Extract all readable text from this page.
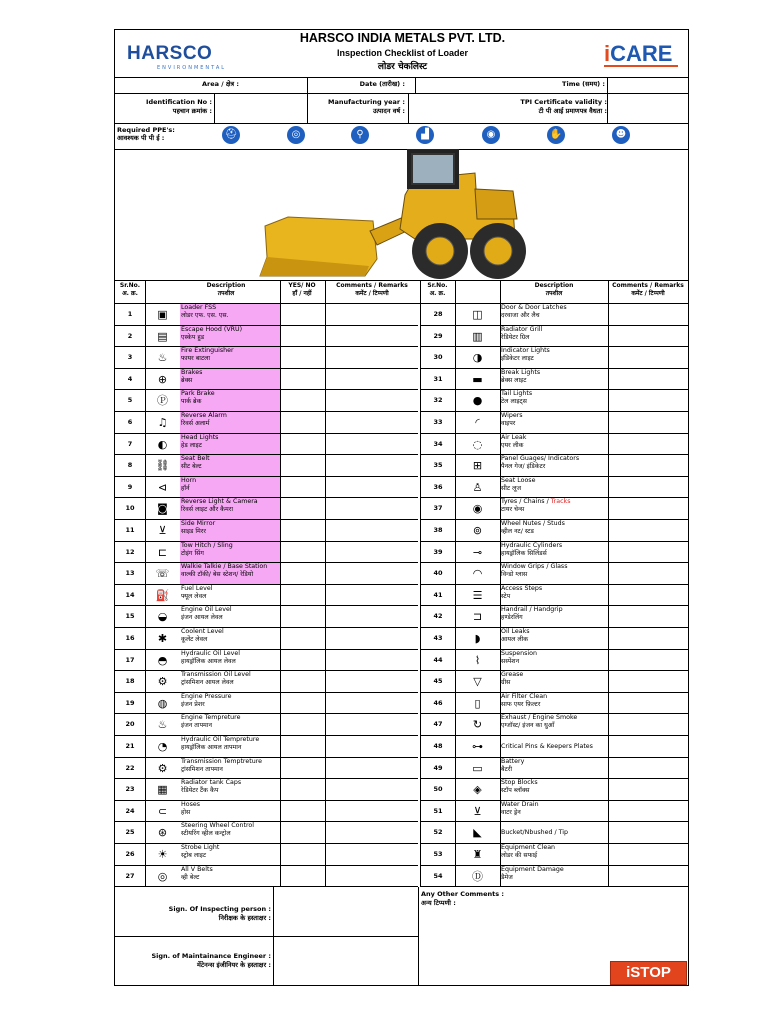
HARSCO
ENVIRONMENTAL
HARSCO INDIA METALS PVT. LTD.
Inspection Checklist of Loader
लोडर चेकलिस्ट
iCARE
Area / क्षेत्र :	Date (तारीख) :	Time (समय) :
Identification No :
पहचान क्रमांक :
Manufacturing year :
उत्पादन वर्ष :
TPI Certificate validity :
टी पी आई प्रमाणपत्र वैधता :
Required PPE's:
आवश्यक पी पी ई :	⛑	◎	⚲	▟	◉	✋	☻
Sr.No.
अ. क्र.
Description
तपशील
YES/ NO
हाँ / नहीं
Comments / Remarks
कमेंट / टिप्पणी
Sr.No.
अ. क्र.
Description
तपशील
Comments / Remarks
कमेंट / टिप्पणी
1	▣
Loader FSS
लोडर एफ. एस. एस.
2	▤
Escape Hood (VRU)
एस्केप हुड
3	♨
Fire Extinguisher
फायर बाटला
4	⊕
Brakes
ब्रेक्स
5	Ⓟ
Park Brake
पार्क ब्रेक
6	♫
Reverse Alarm
रिवर्स अलार्म
7	◐
Head Lights
हेड लाइट
8	⛓
Seat Belt
सीट बेल्ट
9	⊲
Horn
हॉर्न
10	◙
Reverse Light & Camera
रिवर्स लाइट और कैमरा
11	⊻
Side Mirror
साइड मिरर
12	⊏
Tow Hitch / Sling
टोइंग सिंग
13	☏
Walkie Talkie / Base Station
वाल्की टॉकी/ बेस स्टेशन/ रेडियो
14	⛽
Fuel Level
फ्यूल लेवल
15	◒
Engine Oil Level
इंजन आयल लेवल
16	✱
Coolent Level
कूलेंट लेवल
17	◓
Hydraulic Oil Level
हायड्रॉलिक आयल लेवल
18	⚙
Transmission Oil Level
ट्रांसमिशन आयल लेवल
19	◍
Engine Pressure
इंजन प्रेशर
20	♨
Engine Tempreture
इंजन तापमान
21	◔
Hydraulic Oil Tempreture
हायड्रॉलिक आयल तापमान
22	⚙
Transmission Temptreture
ट्रांसमिशन तापमान
23	▦
Radiator tank Caps
रेडियेटर टैंक कैप
24	⊂
Hoses
होस
25	⊛
Steering Wheel Control
स्टीयरिंग व्हील कन्ट्रोल
26	☀
Strobe Light
स्ट्रोब लाइट
27	◎
All V Belts
व्ही बेल्ट
28	◫
Door & Door Latches
दरवाजा और लैच
29	▥
Radiator Grill
रेडियेटर ग्रिल
30	◑
Indicator Lights
इंडिकेटर लाइट
31	▬
Break Lights
ब्रेक्स लाइट
32	●
Tail Lights
टेल लाइट्स
33	◜
Wipers
वाइपर
34	◌
Air Leak
एयर लीक
35	⊞
Panel Guages/ Indicators
पैनल गेज/ इंडिकेटर
36	♙
Seat Loose
सीट लूज
37	◉
Tyres / Chains / Tracks
टायर चेन्स
38	⊚
Wheel Nutes / Studs
व्हील नट/ स्टड
39	⊸
Hydraulic Cylinders
हायड्रॉलिक सिलिंडर्स
40	◠
Window Grips / Glass
विन्डो ग्लास
41	☰
Access Steps
स्टेप
42	⊐
Handrail / Handgrip
हण्डेरलिंग
43	◗
Oil Leaks
आयल लीक
44	⌇
Suspension
सस्पेंशन
45	▽
Grease
ग्रीस
46	▯
Air Filter Clean
साफ एयर फ़िल्टर
47	↻
Exhaust / Engine Smoke
एग्जॉस्ट/ इंजन का धुआँ
48	⊶	Critical Pins & Keepers Plates
49	▭
Battery
बैटरी
50	◈
Stop Blocks
स्टॉप ब्लॉक्स
51	⊻
Water Drain
वाटर ड्रेन
52	◣	Bucket/Nbushed / Tip
53	♜
Equipment Clean
लोडर की सफाई
54	Ⓓ
Equipment Damage
डैमेज
Sign. Of Inspecting person :
निरीक्षक के हस्ताक्षर :
Sign. of Maintainance Engineer :
मेंटेनन्स इंजीनियर के हस्ताक्षर :
Any Other Comments :
अन्य टिप्पणी :
iSTOP
